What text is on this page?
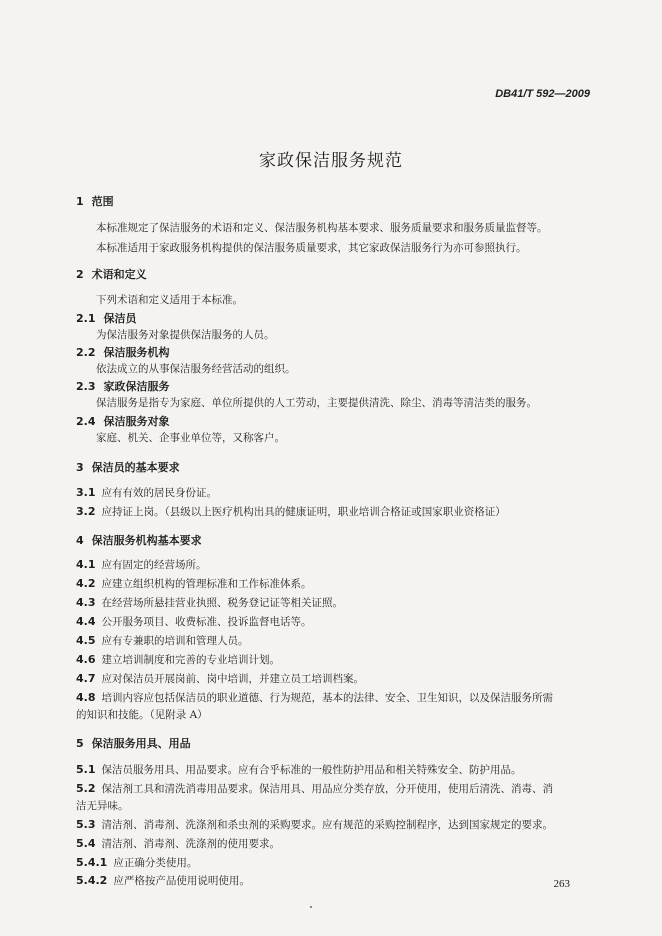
DB41/T 592—2009
家政保洁服务规范
1 范围
本标准规定了保洁服务的术语和定义、保洁服务机构基本要求、服务质量要求和服务质量监督等。
本标准适用于家政服务机构提供的保洁服务质量要求，其它家政保洁服务行为亦可参照执行。
2 术语和定义
下列术语和定义适用于本标准。
2.1 保洁员
为保洁服务对象提供保洁服务的人员。
2.2 保洁服务机构
依法成立的从事保洁服务经营活动的组织。
2.3 家政保洁服务
保洁服务是指专为家庭、单位所提供的人工劳动，主要提供清洗、除尘、消毒等清洁类的服务。
2.4 保洁服务对象
家庭、机关、企事业单位等，又称客户。
3 保洁员的基本要求
3.1 应有有效的居民身份证。
3.2 应持证上岗。（县级以上医疗机构出具的健康证明，职业培训合格证或国家职业资格证）
4 保洁服务机构基本要求
4.1 应有固定的经营场所。
4.2 应建立组织机构的管理标准和工作标准体系。
4.3 在经营场所悬挂营业执照、税务登记证等相关证照。
4.4 公开服务项目、收费标准、投诉监督电话等。
4.5 应有专兼职的培训和管理人员。
4.6 建立培训制度和完善的专业培训计划。
4.7 应对保洁员开展岗前、岗中培训，并建立员工培训档案。
4.8 培训内容应包括保洁员的职业道德、行为规范，基本的法律、安全、卫生知识，以及保洁服务所需
的知识和技能。（见附录 A）
5 保洁服务用具、用品
5.1 保洁员服务用具、用品要求。应有合乎标准的一般性防护用品和相关特殊安全、防护用品。
5.2 保洁剂工具和清洗消毒用品要求。保洁用具、用品应分类存放，分开使用，使用后清洗、消毒、消
洁无异味。
5.3 清洁剂、消毒剂、洗涤剂和杀虫剂的采购要求。应有规范的采购控制程序，达到国家规定的要求。
5.4 清洁剂、消毒剂、洗涤剂的使用要求。
5.4.1 应正确分类使用。
5.4.2 应严格按产品使用说明使用。	263
